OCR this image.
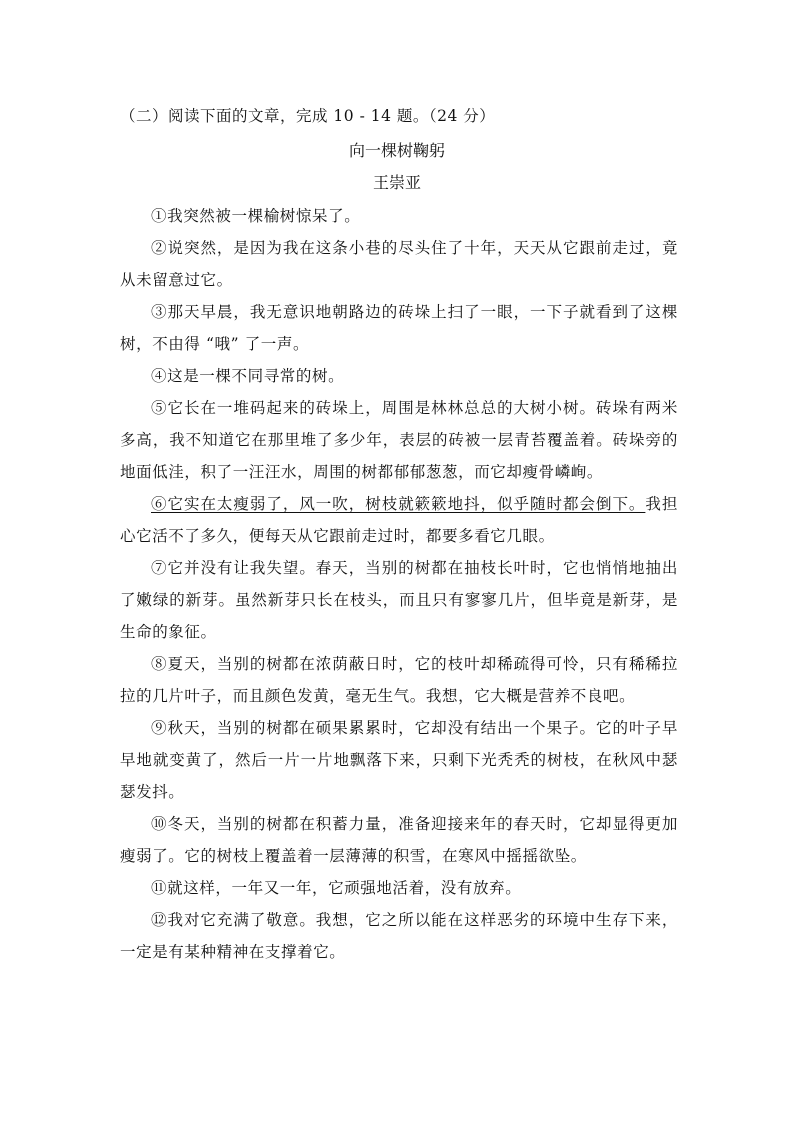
（二）阅读下面的文章，完成 10 - 14 题。（24 分）
向一棵树鞠躬
王崇亚

①我突然被一棵榆树惊呆了。

②说突然，是因为我在这条小巷的尽头住了十年，天天从它跟前走过，竟从未留意过它。

③那天早晨，我无意识地朝路边的砖垛上扫了一眼，一下子就看到了这棵树，不由得 “哦” 了一声。

④这是一棵不同寻常的树。

⑤它长在一堆码起来的砖垛上，周围是林林总总的大树小树。砖垛有两米多高，我不知道它在那里堆了多少年，表层的砖被一层青苔覆盖着。砖垛旁的地面低洼，积了一汪汪水，周围的树都郁郁葱葱，而它却瘦骨嶙峋。

⑥它实在太瘦弱了，风一吹，树枝就簌簌地抖，似乎随时都会倒下。我担心它活不了多久，便每天从它跟前走过时，都要多看它几眼。

⑦它并没有让我失望。春天，当别的树都在抽枝长叶时，它也悄悄地抽出了嫩绿的新芽。虽然新芽只长在枝头，而且只有寥寥几片，但毕竟是新芽，是生命的象征。

⑧夏天，当别的树都在浓荫蔽日时，它的枝叶却稀疏得可怜，只有稀稀拉拉的几片叶子，而且颜色发黄，毫无生气。我想，它大概是营养不良吧。

⑨秋天，当别的树都在硕果累累时，它却没有结出一个果子。它的叶子早早地就变黄了，然后一片一片地飘落下来，只剩下光秃秃的树枝，在秋风中瑟瑟发抖。

⑩冬天，当别的树都在积蓄力量，准备迎接来年的春天时，它却显得更加瘦弱了。它的树枝上覆盖着一层薄薄的积雪，在寒风中摇摇欲坠。

⑪就这样，一年又一年，它顽强地活着，没有放弃。

⑫我对它充满了敬意。我想，它之所以能在这样恶劣的环境中生存下来，一定是有某种精神在支撑着它。
